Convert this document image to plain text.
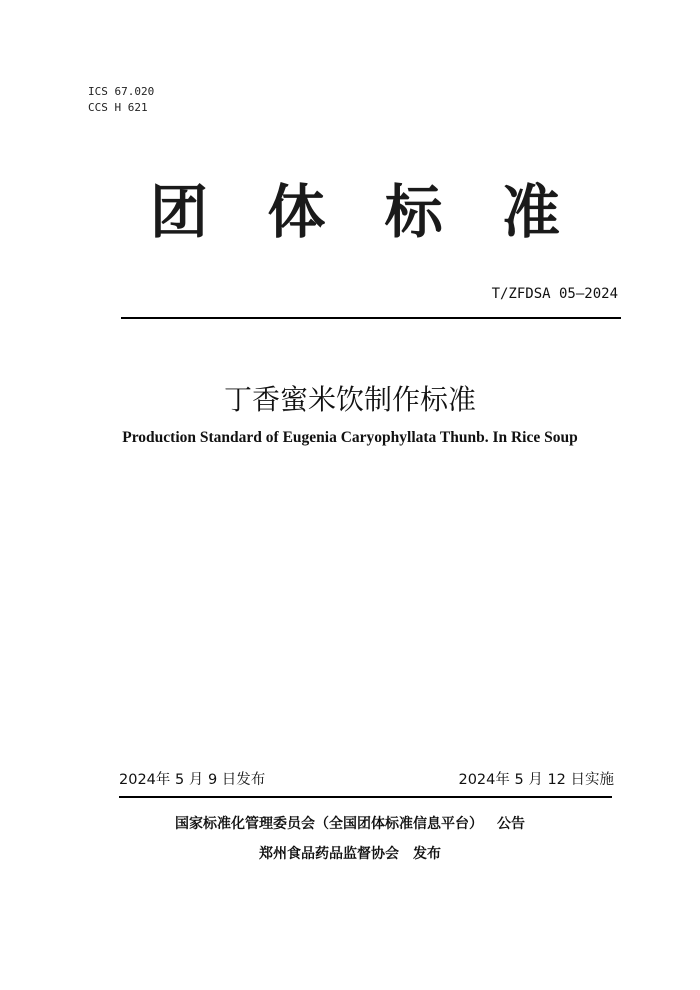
ICS 67.020
CCS H 621
团 体 标 准
T/ZFDSA 05—2024
丁香蜜米饮制作标准
Production Standard of Eugenia Caryophyllata Thunb. In Rice Soup
2024年 5 月 9 日发布	2024年 5 月 12 日实施
国家标准化管理委员会（全国团体标准信息平台） 公告
郑州食品药品监督协会 发布
